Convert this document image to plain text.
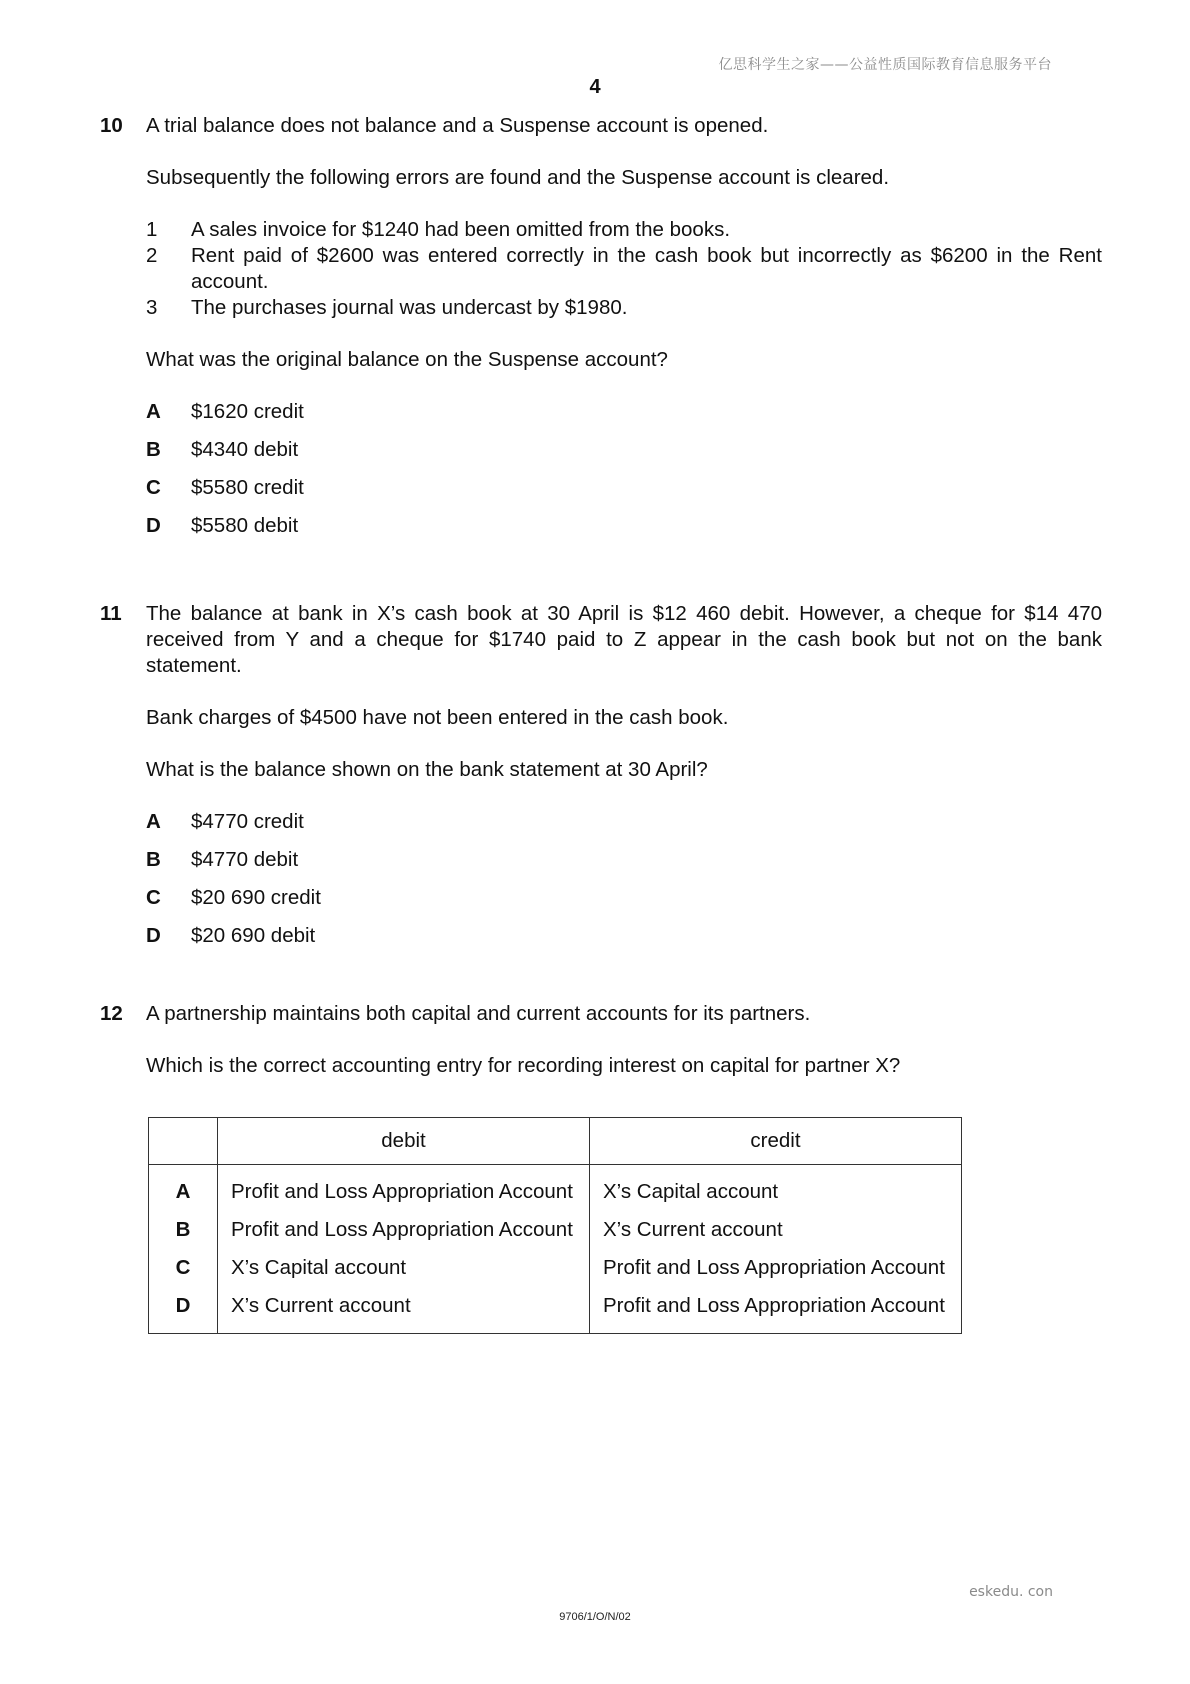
亿思科学生之家——公益性质国际教育信息服务平台
4
10 A trial balance does not balance and a Suspense account is opened.

Subsequently the following errors are found and the Suspense account is cleared.

1	A sales invoice for $1240 had been omitted from the books.
2	Rent paid of $2600 was entered correctly in the cash book but incorrectly as $6200 in the Rent account.
3	The purchases journal was undercast by $1980.

What was the original balance on the Suspense account?

A	$1620 credit
B	$4340 debit
C	$5580 credit
D	$5580 debit
11 The balance at bank in X’s cash book at 30 April is $12 460 debit. However, a cheque for $14 470 received from Y and a cheque for $1740 paid to Z appear in the cash book but not on the bank statement.

Bank charges of $4500 have not been entered in the cash book.

What is the balance shown on the bank statement at 30 April?

A	$4770 credit
B	$4770 debit
C	$20 690 credit
D	$20 690 debit
12 A partnership maintains both capital and current accounts for its partners.

Which is the correct accounting entry for recording interest on capital for partner X?

	debit	credit
A	Profit and Loss Appropriation Account	X’s Capital account
B	Profit and Loss Appropriation Account	X’s Current account
C	X’s Capital account	Profit and Loss Appropriation Account
D	X’s Current account	Profit and Loss Appropriation Account
eskedu. con
9706/1/O/N/02
